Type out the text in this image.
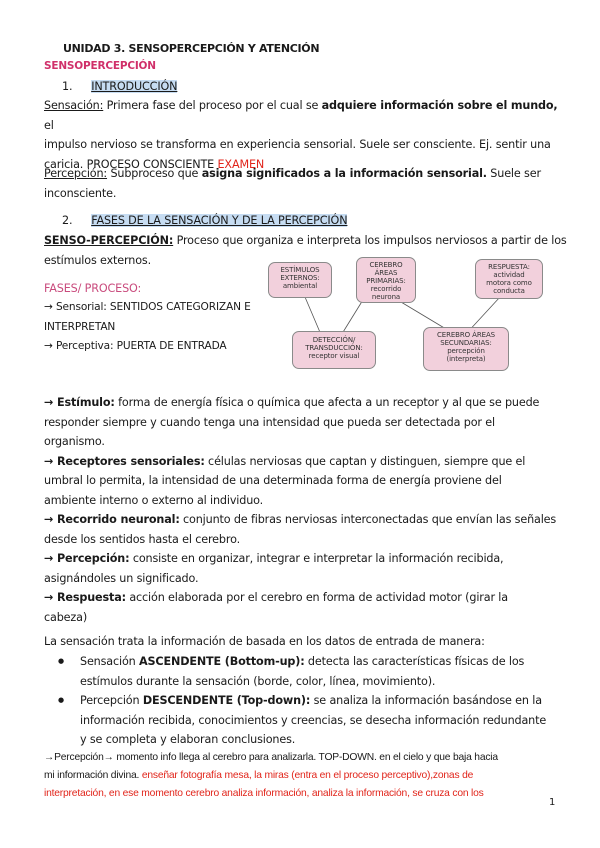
UNIDAD 3. SENSOPERCEPCIÓN Y ATENCIÓN
SENSOPERCEPCIÓN
1. INTRODUCCIÓN
Sensación: Primera fase del proceso por el cual se adquiere información sobre el mundo, el
impulso nervioso se transforma en experiencia sensorial. Suele ser consciente. Ej. sentir una
caricia. PROCESO CONSCIENTE EXAMEN
Percepción: Subproceso que asigna significados a la información sensorial. Suele ser
inconsciente.
2. FASES DE LA SENSACIÓN Y DE LA PERCEPCIÓN
SENSO-PERCEPCIÓN: Proceso que organiza e interpreta los impulsos nerviosos a partir de los
estímulos externos.
FASES/ PROCESO:
→ Sensorial: SENTIDOS CATEGORIZAN E
INTERPRETAN
→ Perceptiva: PUERTA DE ENTRADA
ESTÍMULOS
EXTERNOS:
ambiental
CEREBRO
ÁREAS
PRIMARIAS:
recorrido
neurona
RESPUESTA:
actividad
motora como
conducta
DETECCIÓN/
TRANSDUCCIÓN:
receptor visual
CEREBRO ÁREAS
SECUNDARIAS:
percepción
(interpreta)
→ Estímulo: forma de energía física o química que afecta a un receptor y al que se puede
responder siempre y cuando tenga una intensidad que pueda ser detectada por el
organismo.
→ Receptores sensoriales: células nerviosas que captan y distinguen, siempre que el
umbral lo permita, la intensidad de una determinada forma de energía proviene del
ambiente interno o externo al individuo.
→ Recorrido neuronal: conjunto de fibras nerviosas interconectadas que envían las señales
desde los sentidos hasta el cerebro.
→ Percepción: consiste en organizar, integrar e interpretar la información recibida,
asignándoles un significado.
→ Respuesta: acción elaborada por el cerebro en forma de actividad motor (girar la
cabeza)
La sensación trata la información de basada en los datos de entrada de manera:
● Sensación ASCENDENTE (Bottom-up): detecta las características físicas de los
estímulos durante la sensación (borde, color, línea, movimiento).
● Percepción DESCENDENTE (Top-down): se analiza la información basándose en la
información recibida, conocimientos y creencias, se desecha información redundante
y se completa y elaboran conclusiones.
→Percepción→ momento info llega al cerebro para analizarla. TOP-DOWN. en el cielo y que baja hacia
mi información divina. enseñar fotografía mesa, la miras (entra en el proceso perceptivo),zonas de
interpretación, en ese momento cerebro analiza información, analiza la información, se cruza con los
1
